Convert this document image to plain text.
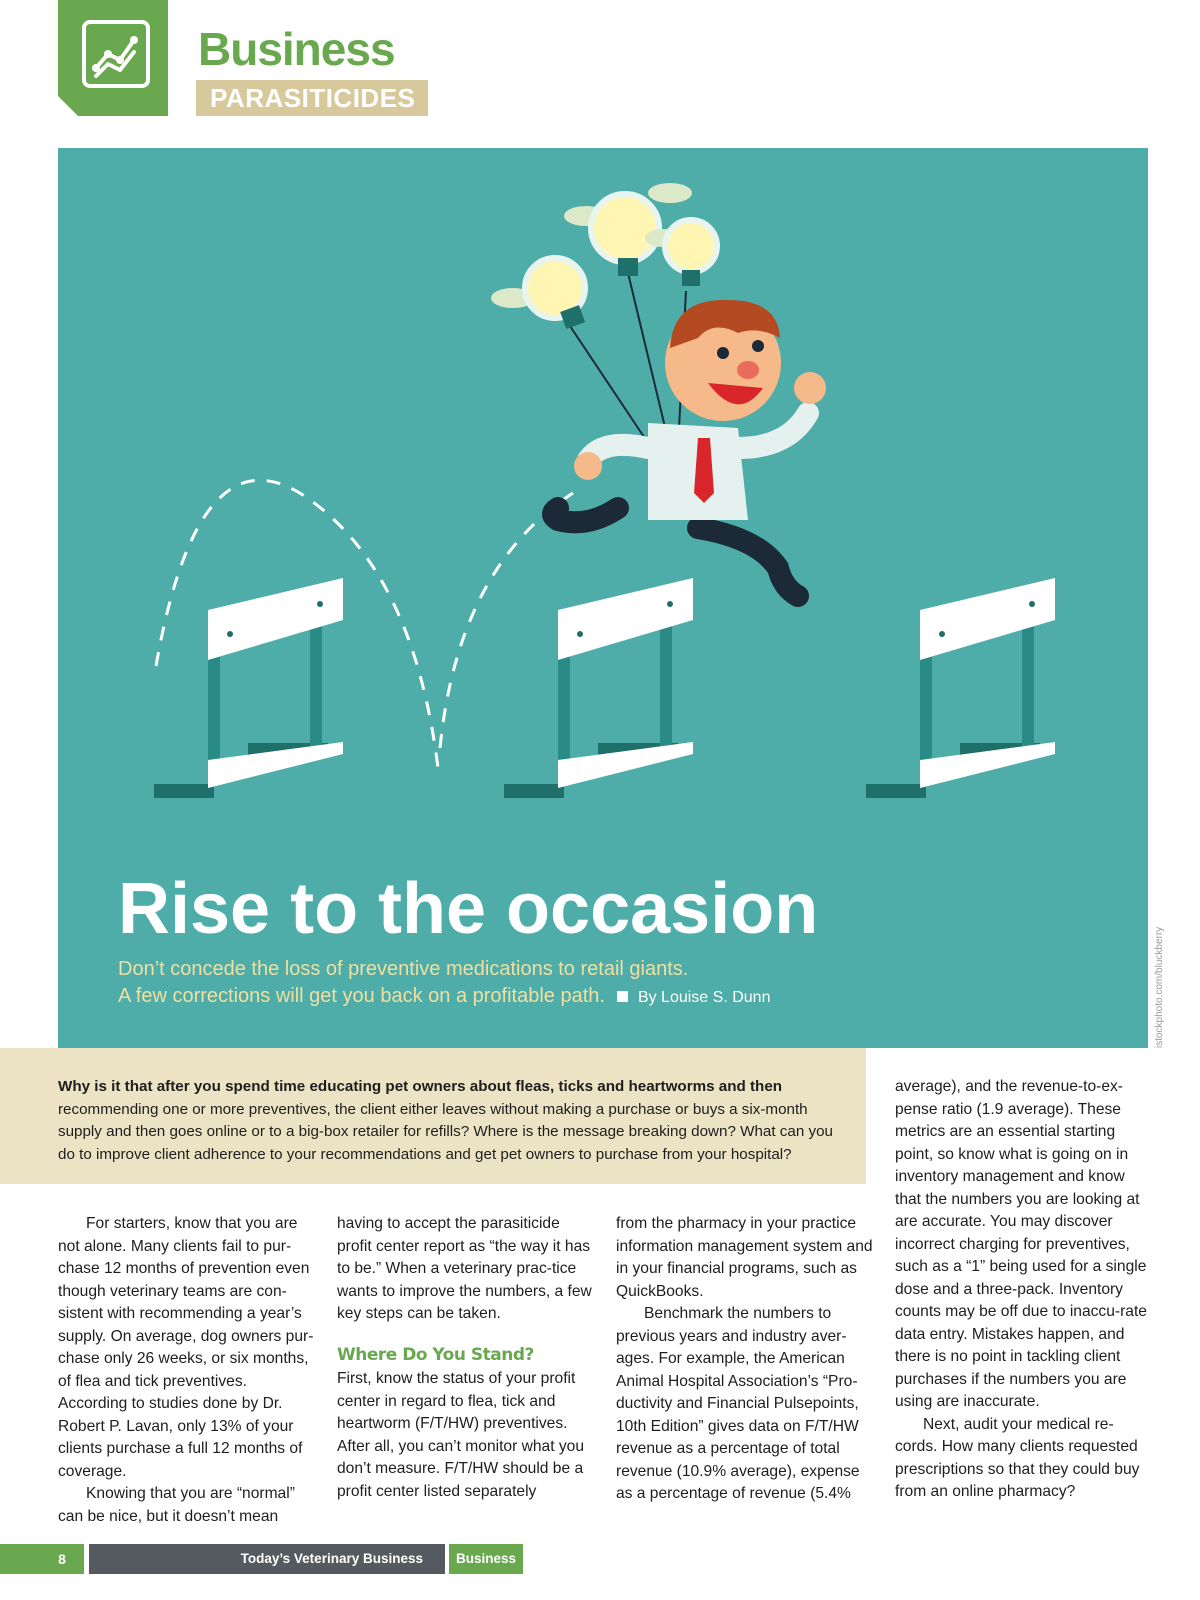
Business
PARASITICIDES
Rise to the occasion
Don’t concede the loss of preventive medications to retail giants.
A few corrections will get you back on a profitable path. By Louise S. Dunn	istockphoto.com/bluckberry

Why is it that after you spend time educating pet owners about fleas, ticks and heartworms and then recommending one or more preventives, the client either leaves without making a purchase or buys a six-month supply and then goes online or to a big-box retailer for refills? Where is the message breaking down? What can you do to improve client adherence to your recommendations and get pet owners to purchase from your hospital?

For starters, know that you are not alone. Many clients fail to pur-chase 12 months of prevention even though veterinary teams are con-sistent with recommending a year’s supply. On average, dog owners pur-chase only 26 weeks, or six months, of flea and tick preventives. According to studies done by Dr. Robert P. Lavan, only 13% of your clients purchase a full 12 months of coverage.

Knowing that you are “normal” can be nice, but it doesn’t mean

having to accept the parasiticide profit center report as “the way it has to be.” When a veterinary prac-tice wants to improve the numbers, a few key steps can be taken.

Where Do You Stand?

First, know the status of your profit center in regard to flea, tick and heartworm (F/T/HW) preventives. After all, you can’t monitor what you don’t measure. F/T/HW should be a profit center listed separately

from the pharmacy in your practice information management system and in your financial programs, such as QuickBooks.

Benchmark the numbers to previous years and industry aver-ages. For example, the American Animal Hospital Association’s “Pro-ductivity and Financial Pulsepoints, 10th Edition” gives data on F/T/HW revenue as a percentage of total revenue (10.9% average), expense as a percentage of revenue (5.4%

average), and the revenue-to-ex-pense ratio (1.9 average). These metrics are an essential starting point, so know what is going on in inventory management and know that the numbers you are looking at are accurate. You may discover incorrect charging for preventives, such as a “1” being used for a single dose and a three-pack. Inventory counts may be off due to inaccu-rate data entry. Mistakes happen, and there is no point in tackling client purchases if the numbers you are using are inaccurate.

Next, audit your medical re-cords. How many clients requested prescriptions so that they could buy from an online pharmacy?

8	Today’s Veterinary Business	Business
